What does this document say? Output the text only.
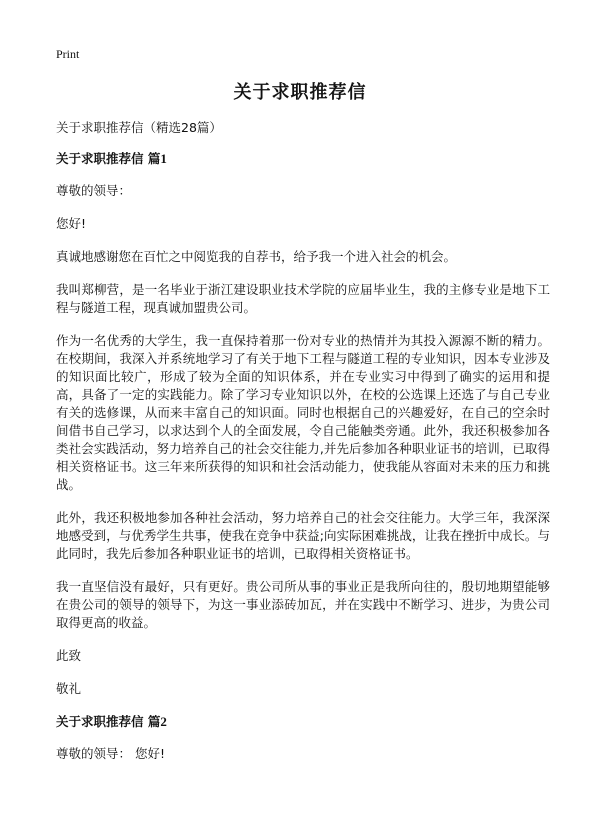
Print
关于求职推荐信

关于求职推荐信（精选28篇）

关于求职推荐信 篇1

尊敬的领导：

您好!

真诚地感谢您在百忙之中阅览我的自荐书，给予我一个进入社会的机会。

我叫郑柳营，是一名毕业于浙江建设职业技术学院的应届毕业生，我的主修专业是地下工程与隧道工程，现真诚加盟贵公司。

作为一名优秀的大学生，我一直保持着那一份对专业的热情并为其投入源源不断的精力。在校期间，我深入并系统地学习了有关于地下工程与隧道工程的专业知识，因本专业涉及的知识面比较广，形成了较为全面的知识体系，并在专业实习中得到了确实的运用和提高，具备了一定的实践能力。除了学习专业知识以外，在校的公选课上还选了与自己专业有关的选修课，从而来丰富自己的知识面。同时也根据自己的兴趣爱好，在自己的空余时间借书自己学习，以求达到个人的全面发展，令自己能触类旁通。此外，我还积极参加各类社会实践活动，努力培养自己的社会交往能力,并先后参加各种职业证书的培训，已取得相关资格证书。这三年来所获得的知识和社会活动能力，使我能从容面对未来的压力和挑战。

此外，我还积极地参加各种社会活动，努力培养自己的社会交往能力。大学三年，我深深地感受到，与优秀学生共事，使我在竞争中获益;向实际困难挑战，让我在挫折中成长。与此同时，我先后参加各种职业证书的培训，已取得相关资格证书。

我一直坚信没有最好，只有更好。贵公司所从事的事业正是我所向往的，殷切地期望能够在贵公司的领导的领导下，为这一事业添砖加瓦，并在实践中不断学习、进步，为贵公司取得更高的收益。

此致

敬礼

关于求职推荐信 篇2

尊敬的领导： 您好!
